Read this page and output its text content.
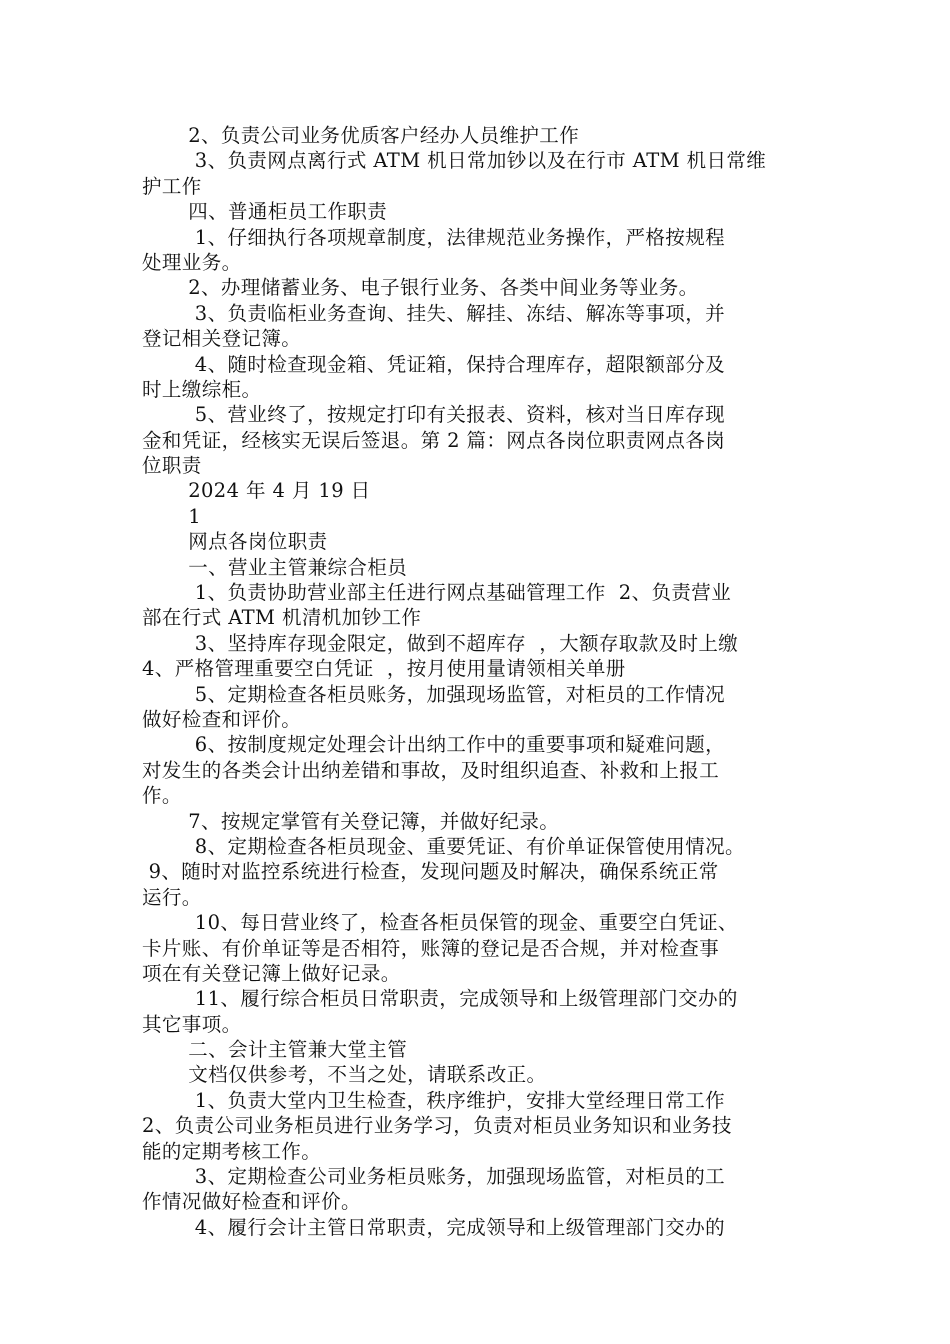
2、负责公司业务优质客户经办人员维护工作
3、负责网点离行式 ATM 机日常加钞以及在行市 ATM 机日常维
护工作
四、普通柜员工作职责
1、仔细执行各项规章制度，法律规范业务操作，严格按规程
处理业务。
2、办理储蓄业务、电子银行业务、各类中间业务等业务。
3、负责临柜业务查询、挂失、解挂、冻结、解冻等事项，并
登记相关登记簿。
4、随时检查现金箱、凭证箱，保持合理库存，超限额部分及
时上缴综柜。
5、营业终了，按规定打印有关报表、资料，核对当日库存现
金和凭证，经核实无误后签退。第 2 篇：网点各岗位职责网点各岗
位职责
2024 年 4 月 19 日
1
网点各岗位职责
一、营业主管兼综合柜员
1、负责协助营业部主任进行网点基础管理工作  2、负责营业
部在行式 ATM 机清机加钞工作
3、坚持库存现金限定，做到不超库存  ，大额存取款及时上缴
4、严格管理重要空白凭证  ，按月使用量请领相关单册
5、定期检查各柜员账务，加强现场监管，对柜员的工作情况
做好检查和评价。
6、按制度规定处理会计出纳工作中的重要事项和疑难问题，
对发生的各类会计出纳差错和事故，及时组织追查、补救和上报工
作。
7、按规定掌管有关登记簿，并做好纪录。
8、定期检查各柜员现金、重要凭证、有价单证保管使用情况。
9、随时对监控系统进行检查，发现问题及时解决，确保系统正常
运行。
10、每日营业终了，检查各柜员保管的现金、重要空白凭证、
卡片账、有价单证等是否相符，账簿的登记是否合规，并对检查事
项在有关登记簿上做好记录。
11、履行综合柜员日常职责，完成领导和上级管理部门交办的
其它事项。
二、会计主管兼大堂主管
文档仅供参考，不当之处，请联系改正。
1、负责大堂内卫生检查，秩序维护，安排大堂经理日常工作
2、负责公司业务柜员进行业务学习，负责对柜员业务知识和业务技
能的定期考核工作。
3、定期检查公司业务柜员账务，加强现场监管，对柜员的工
作情况做好检查和评价。
4、履行会计主管日常职责，完成领导和上级管理部门交办的
